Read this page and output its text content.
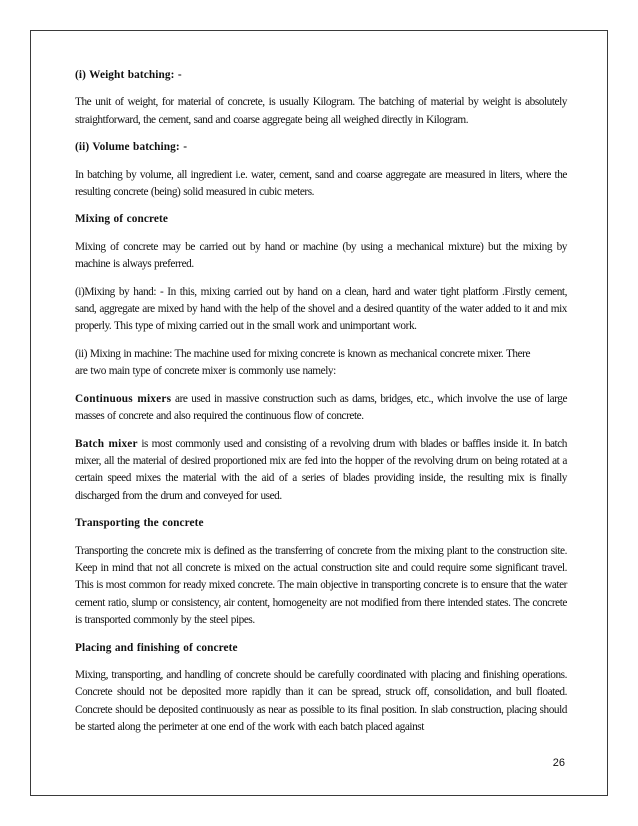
(i) Weight batching: -

The unit of weight, for material of concrete, is usually Kilogram. The batching of material by weight is absolutely straightforward, the cement, sand and coarse aggregate being all weighed directly in Kilogram.

(ii) Volume batching: -

In batching by volume, all ingredient i.e. water, cement, sand and coarse aggregate are measured in liters, where the resulting concrete (being) solid measured in cubic meters.

Mixing of concrete

Mixing of concrete may be carried out by hand or machine (by using a mechanical mixture) but the mixing by machine is always preferred.

(i)Mixing by hand: - In this, mixing carried out by hand on a clean, hard and water tight platform .Firstly cement, sand, aggregate are mixed by hand with the help of the shovel and a desired quantity of the water added to it and mix properly. This type of mixing carried out in the small work and unimportant work.

(ii) Mixing in machine: The machine used for mixing concrete is known as mechanical concrete mixer. There
are two main type of concrete mixer is commonly use namely:

Continuous mixers are used in massive construction such as dams, bridges, etc., which involve the use of large masses of concrete and also required the continuous flow of concrete.

Batch mixer is most commonly used and consisting of a revolving drum with blades or baffles inside it. In batch mixer, all the material of desired proportioned mix are fed into the hopper of the revolving drum on being rotated at a certain speed mixes the material with the aid of a series of blades providing inside, the resulting mix is finally discharged from the drum and conveyed for used.

Transporting the concrete

Transporting the concrete mix is defined as the transferring of concrete from the mixing plant to the construction site. Keep in mind that not all concrete is mixed on the actual construction site and could require some significant travel. This is most common for ready mixed concrete. The main objective in transporting concrete is to ensure that the water cement ratio, slump or consistency, air content, homogeneity are not modified from there intended states. The concrete is transported commonly by the steel pipes.

Placing and finishing of concrete

Mixing, transporting, and handling of concrete should be carefully coordinated with placing and finishing operations. Concrete should not be deposited more rapidly than it can be spread, struck off, consolidation, and bull floated. Concrete should be deposited continuously as near as possible to its final position. In slab construction, placing should be started along the perimeter at one end of the work with each batch placed against

26
